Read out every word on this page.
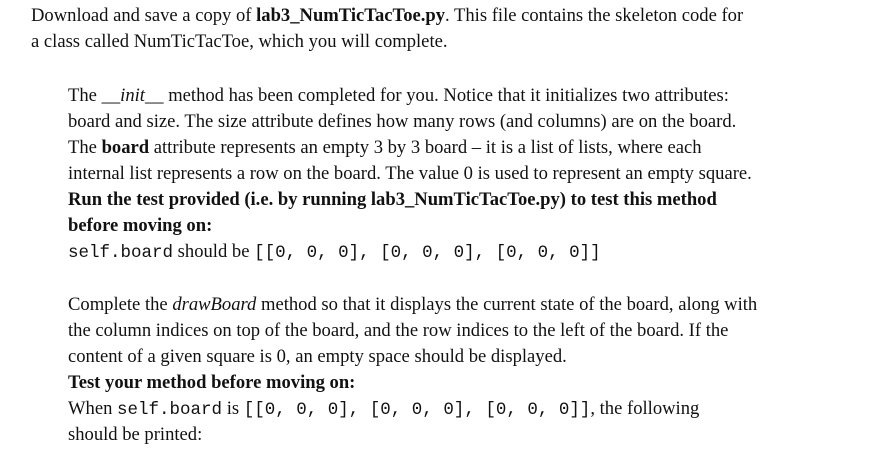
Download and save a copy of lab3_NumTicTacToe.py. This file contains the skeleton code for
a class called NumTicTacToe, which you will complete.
The __init__ method has been completed for you. Notice that it initializes two attributes:
board and size. The size attribute defines how many rows (and columns) are on the board.
The board attribute represents an empty 3 by 3 board – it is a list of lists, where each
internal list represents a row on the board. The value 0 is used to represent an empty square.
Run the test provided (i.e. by running lab3_NumTicTacToe.py) to test this method
before moving on:
self.board should be [[0, 0, 0], [0, 0, 0], [0, 0, 0]]
Complete the drawBoard method so that it displays the current state of the board, along with
the column indices on top of the board, and the row indices to the left of the board. If the
content of a given square is 0, an empty space should be displayed.
Test your method before moving on:
When self.board is [[0, 0, 0], [0, 0, 0], [0, 0, 0]], the following
should be printed:
